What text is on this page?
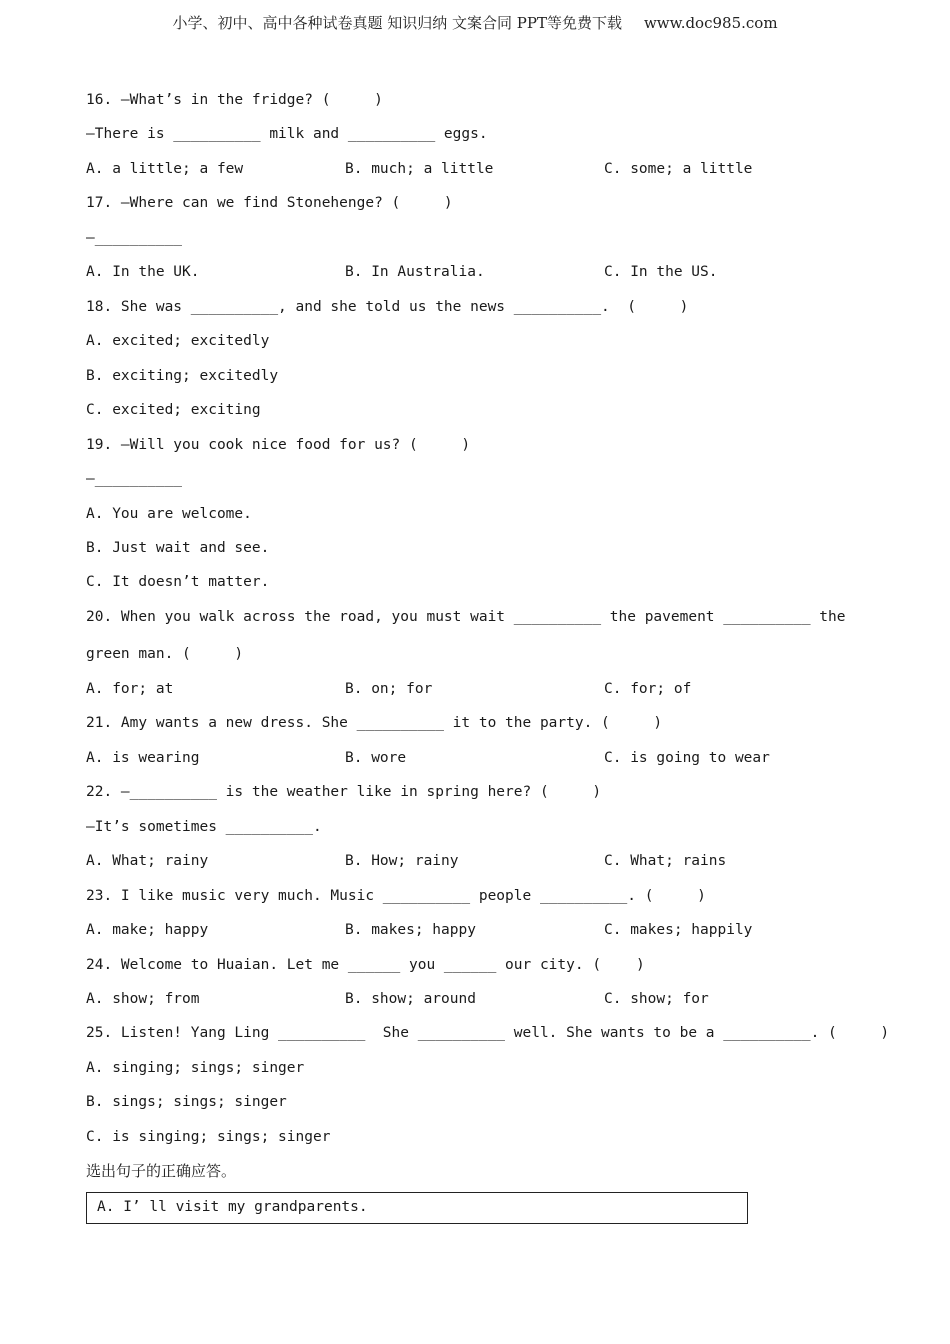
小学、初中、高中各种试卷真题 知识归纳 文案合同 PPT等免费下载 www.doc985.com
16. —What’s in the fridge? (     )
—There is __________ milk and __________ eggs.
A. a little; a few	B. much; a little	C. some; a little
17. —Where can we find Stonehenge? (     )
—__________
A. In the UK.	B. In Australia.	C. In the US.
18. She was __________, and she told us the news __________.  (     )
A. excited; excitedly
B. exciting; excitedly
C. excited; exciting
19. —Will you cook nice food for us? (     )
—__________
A. You are welcome.
B. Just wait and see.
C. It doesn’t matter.
20. When you walk across the road, you must wait __________ the pavement __________ the
green man. (     )
A. for; at	B. on; for	C. for; of
21. Amy wants a new dress. She __________ it to the party. (     )
A. is wearing	B. wore	C. is going to wear
22. —__________ is the weather like in spring here? (     )
—It’s sometimes __________.
A. What; rainy	B. How; rainy	C. What; rains
23. I like music very much. Music __________ people __________. (     )
A. make; happy	B. makes; happy	C. makes; happily
24. Welcome to Huaian. Let me ______ you ______ our city. (    )
A. show; from	B. show; around	C. show; for
25. Listen! Yang Ling __________  She __________ well. She wants to be a __________. (     )
A. singing; sings; singer
B. sings; sings; singer
C. is singing; sings; singer
选出句子的正确应答。
A. I’ ll visit my grandparents.
